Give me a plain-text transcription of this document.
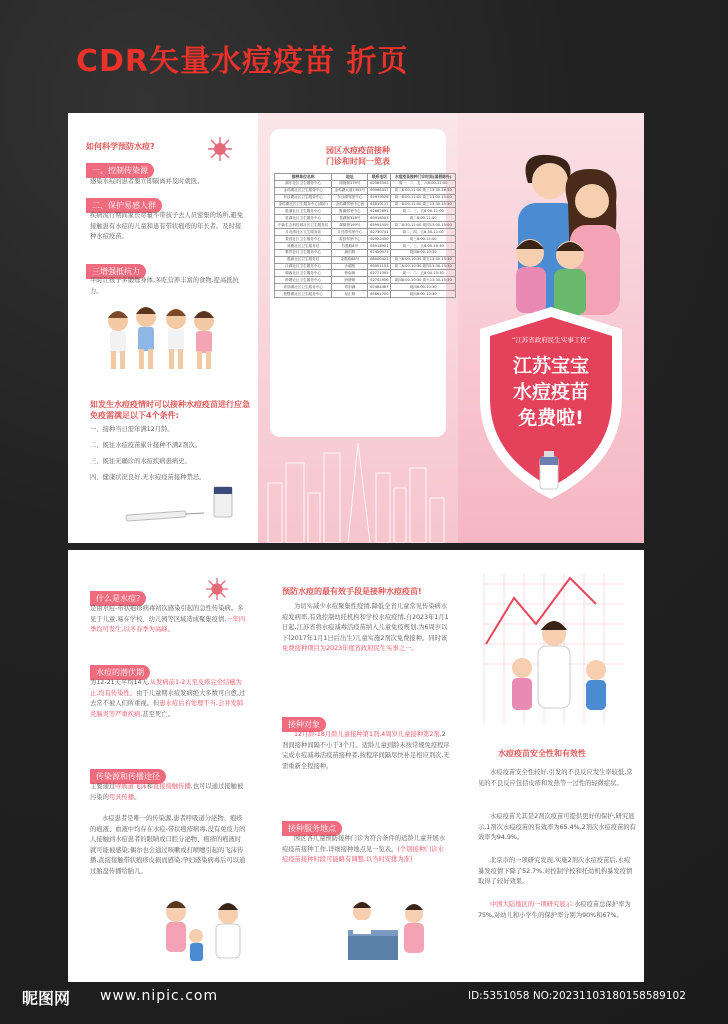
CDR矢量水痘疫苗 折页
如何科学预防水痘?
一、控制传染源

感染水痘的患者要立即隔离并及时就医。

二、保护易感人群

疾病流行期间家长尽量不带孩子去人员密集的场所,避免接触患有水痘的儿童和患有带状疱疹的年长者。及时接种水痘疫苗。

三增强抵抗力

平时让孩子多锻炼身体,多吃营养丰富的食物,提高抵抗力。

如发生水痘疫情时可以接种水痘疫苗进行应急免疫需满足以下4个条件:

一、接种当日需年满12月龄。

二、既往水痘疫苗累计接种不满2剂次。

三、既往无确诊的水痘疾病患病史。

四、健康状况良好,无水痘疫苗接种禁忌。

园区水痘疫苗接种
门诊和时间一览表
接种单位名称	地址	联系电话	水痘疫苗接种门诊时间(国假除外)
湖东社区卫生服务中心	南施街179号	62585543	周一、二、五、六8:00-11:00
金鸡湖社区卫生服务中心	金鸡湖大道1355号	69968337	周二8:00-11:00 周三13:30-16:30
东沙湖社区卫生服务中心	东沙湖邻里中心	65979526	周一8:00-11:00 周三13:00-15:00
金鸡湖社区卫生服务中心(湖东)	金鸡湖邻里中心西	65810117	周一8:00-11:00 周三13:30-15:30
胜浦社区卫生服务中心	胜浦邻里中心	62882891	周二、三、五8:00-11:00
星湖社区卫生服务中心	星湖街328号	65918503	周二8:00-11:00
中新生态科技城社区卫生服务站	翠微街199号	65991559	周二8:30-11:00 周四13:00-15:00
月亮湾社区卫生服务站	月亮湾邻里中心	62730741	周二、四、五8:30-11:00
娄葑社区卫生服务中心	娄葑邻里中心	62522450	周三8:00-11:00
斜塘社区卫生服务站	苏胜路8号	65918901	周一、三、五8:00-10:30
唯亭社区卫生服务中心	浦田路	67420071	周四8:00-10:30
胜浦社区卫生服务站	金胜路88号	68000423	周三8:00-10:30 周五13:30-15:30
沙湖社区卫生服务中心	沙湖苑	65951153	周二8:00-10:30 周四13:30-15:30
湖西社区卫生服务中心	钟南街	62771005	周一、二、五8:00-10:30
跨塘社区卫生服务中心	跨塘街	62741906	周四8:00-10:30 周六13:30-15:30
青剑湖社区卫生服务中心	青剑湖	67484487	周四8:00-10:30
独墅湖社区卫生服务中心	星汇路	65861700	周四8:00-10:30
“江苏省政府民生实事工程”
江苏宝宝
水痘疫苗
免费啦!
什么是水痘?

是由水痘-带状疱疹病毒初次感染引起的急性传染病。多见于儿童,易在学校、幼儿园等区域造成聚集疫情,一年四季均可发生,以冬春季为高峰。

水痘的潜伏期

为12-21天平均14天,从发病前1-2天至皮疹完全结痂为止,均有传染性。由于儿童期水痘发病绝大多数可自愈,过去常不被人们所重视。但患水痘后若处理不当,会并发肺炎脑炎等严重疾病,甚至死亡。

传染源和传播途径

主要通过呼吸道飞沫和直接接触传播,也可以通过接触被污染的用具传播。

水痘患者是唯一的传染源,患者呼吸道分泌物、疱疹的疱液、血液中均存在水痘-带状疱疹病毒,没有免疫力的人接触到水痘患者的眼睛或口腔分泌物、疱疹的疱液时就可能被感染;偶尔也会通过咳嗽或打喷嚏引起的飞沫传播,直接接触带状疱疹皮损而感染;孕妇感染病毒后可以通过胎盘传播给胎儿。

预防水痘的最有效手段是接种水痘疫苗!

为切实减少水痘聚集性疫情,降低全省儿童常见传染病水痘发病率,有效控制幼托机构和学校水痘疫情,自2023年1月1日起,江苏省将水痘减毒活疫苗纳入儿童免疫规划,为6周岁以下(2017年1月1日后出生)儿童实施2剂次免费接种。同时该免费接种项目为2023年度省政府民生实事之一。

接种对象

12月龄-18月龄儿童接种第1剂,4周岁儿童接种第2剂,2剂间接种间隔不小于3个月。适龄儿童到龄未按常规免疫程序完成水痘减毒活疫苗接种者,按程序间隔尽快补足相应剂次,无需重新全程接种。

接种服务地点

园区各儿童预防接种门诊为符合条件的适龄儿童开展水痘疫苗接种工作,详细接种地点见一览表。(个别接种门诊水痘疫苗接种时段可能略有调整,以当时安排为准)

水痘疫苗安全性和有效性

水痘疫苗安全性较好,引发的不良反应发生率较低,常见的不良反应包括皮疹和发热等一过性的轻微症状。

水痘疫苗尤其是2剂次疫苗可提供更好的保护,研究显示,1剂次水痘疫苗的有效率为65.4%,2剂次水痘疫苗的有效率为94.9%。

北京市的一项研究发现,实施2剂次水痘疫苗后,水痘暴发疫情下降了52.7%,对控制学校和托幼机构暴发疫情取得了较好效果。

中国大陆地区的一项研究显示:水痘疫苗总保护率为75%,对幼儿和小学生的保护率分别为90%和67%。

昵图网 www.nipic.com	ID:5351058 NO:20231103180158589102
